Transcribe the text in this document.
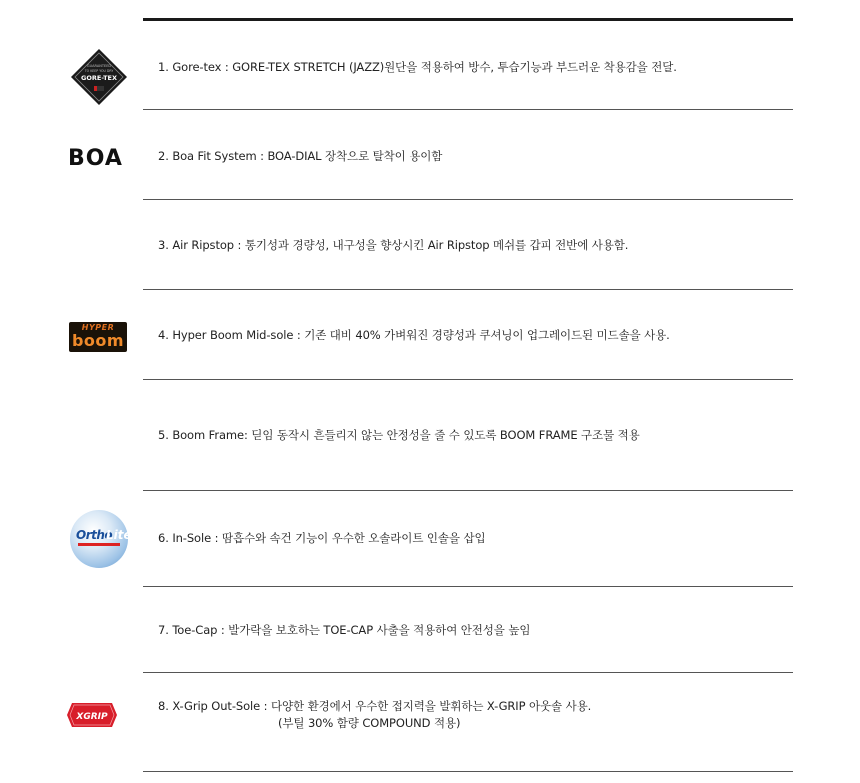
1. Gore-tex : GORE-TEX STRETCH (JAZZ)원단을 적용하여 방수, 투습기능과 부드러운 착용감을 전달.
GUARANTEED
TO KEEP YOU DRY
GORE-TEX
2. Boa Fit System : BOA-DIAL 장착으로 탈착이 용이함
BOA
3. Air Ripstop : 통기성과 경량성, 내구성을 향상시킨 Air Ripstop 메쉬를 갑피 전반에 사용함.
4. Hyper Boom Mid-sole : 기존 대비 40% 가벼워진 경량성과 쿠셔닝이 업그레이드된 미드솔을 사용.
HYPER
boom
5. Boom Frame: 딛임 동작시 흔들리지 않는 안정성을 줄 수 있도록 BOOM FRAME 구조물 적용
6. In-Sole : 땀흡수와 속건 기능이 우수한 오솔라이트 인솔을 삽입
Ortho
Lite
7. Toe-Cap : 발가락을 보호하는 TOE-CAP 사출을 적용하여 안전성을 높임
8. X-Grip Out-Sole : 다양한 환경에서 우수한 접지력을 발휘하는 X-GRIP 아웃솔 사용.
(부틸 30% 함량 COMPOUND 적용)
XGRIP
